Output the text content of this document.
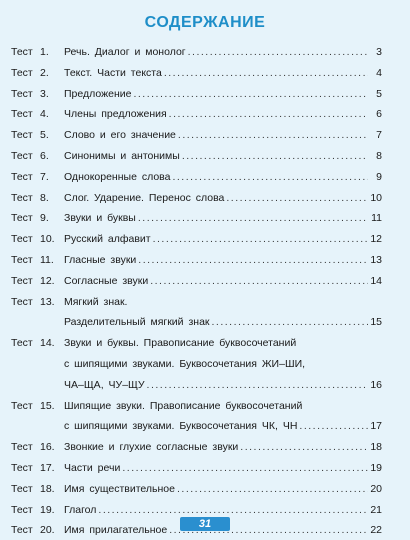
СОДЕРЖАНИЕ
Тест 1. Речь. Диалог и монолог .....	3
Тест 2. Текст. Части текста .....	4
Тест 3. Предложение .....	5
Тест 4. Члены предложения .....	6
Тест 5. Слово и его значение .....	7
Тест 6. Синонимы и антонимы .....	8
Тест 7. Однокоренные слова .....	9
Тест 8. Слог. Ударение. Перенос слова .....	10
Тест 9. Звуки и буквы .....	11
Тест 10. Русский алфавит .....	12
Тест 11. Гласные звуки .....	13
Тест 12. Согласные звуки .....	14
Тест 13. Мягкий знак.
Разделительный мягкий знак .....	15
Тест 14. Звуки и буквы. Правописание буквосочетаний
с шипящими звуками. Буквосочетания ЖИ–ШИ,
ЧА–ЩА, ЧУ–ЩУ .....	16
Тест 15. Шипящие звуки. Правописание буквосочетаний
с шипящими звуками. Буквосочетания ЧК, ЧН .....	17
Тест 16. Звонкие и глухие согласные звуки .....	18
Тест 17. Части речи .....	19
Тест 18. Имя существительное .....	20
Тест 19. Глагол .....	21
Тест 20. Имя прилагательное .....	22
31
